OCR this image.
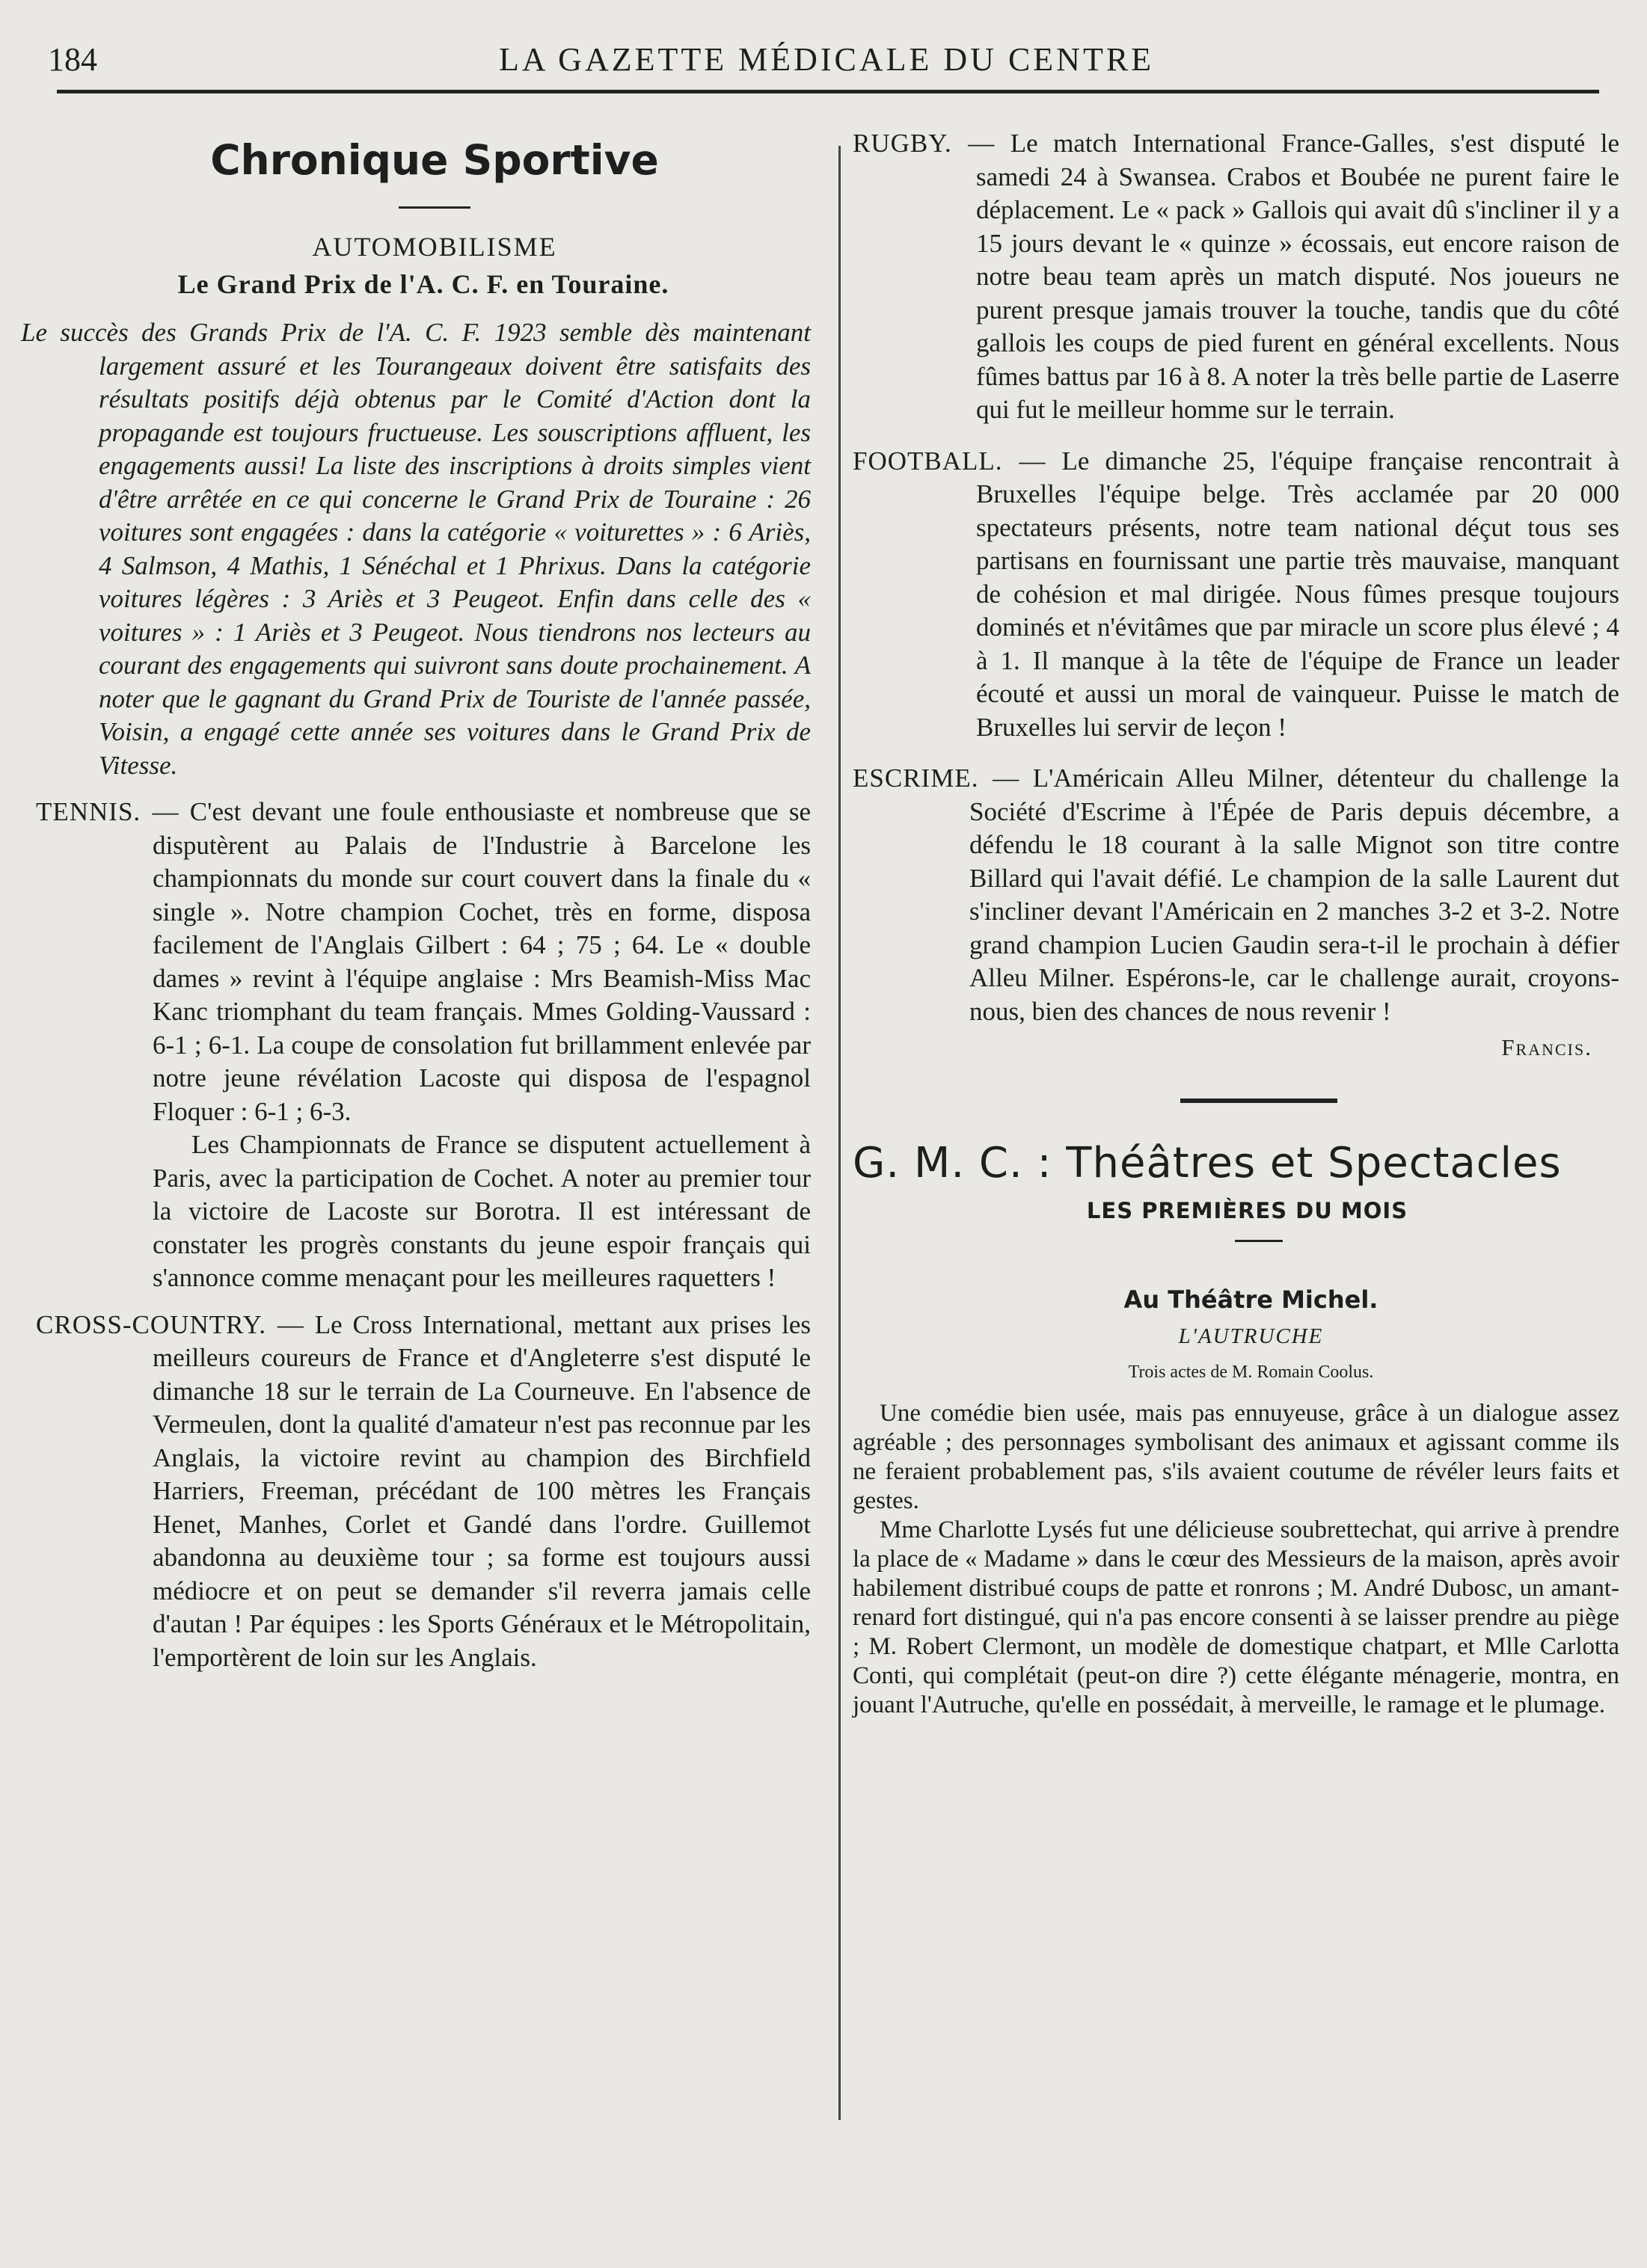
184	LA GAZETTE MÉDICALE DU CENTRE
Chronique Sportive
AUTOMOBILISME
Le Grand Prix de l'A. C. F. en Touraine.

Le succès des Grands Prix de l'A. C. F. 1923 semble dès maintenant largement assuré et les Tourangeaux doivent être satisfaits des résultats positifs déjà obtenus par le Comité d'Action dont la propagande est toujours fructueuse. Les souscriptions affluent, les engagements aussi! La liste des inscriptions à droits simples vient d'être arrêtée en ce qui concerne le Grand Prix de Touraine : 26 voitures sont engagées : dans la catégorie « voiturettes » : 6 Ariès, 4 Salmson, 4 Mathis, 1 Sénéchal et 1 Phrixus. Dans la catégorie voitures légères : 3 Ariès et 3 Peugeot. Enfin dans celle des « voitures » : 1 Ariès et 3 Peugeot. Nous tiendrons nos lecteurs au courant des engagements qui suivront sans doute prochainement. A noter que le gagnant du Grand Prix de Touriste de l'année passée, Voisin, a engagé cette année ses voitures dans le Grand Prix de Vitesse.

TENNIS. — C'est devant une foule enthousiaste et nombreuse que se disputèrent au Palais de l'Industrie à Barcelone les championnats du monde sur court couvert dans la finale du « single ». Notre champion Cochet, très en forme, disposa facilement de l'Anglais Gilbert : 64 ; 75 ; 64. Le « double dames » revint à l'équipe anglaise : Mrs Beamish-Miss Mac Kanc triomphant du team français. Mmes Golding-Vaussard : 6-1 ; 6-1. La coupe de consolation fut brillamment enlevée par notre jeune révélation Lacoste qui disposa de l'espagnol Floquer : 6-1 ; 6-3.

Les Championnats de France se disputent actuellement à Paris, avec la participation de Cochet. A noter au premier tour la victoire de Lacoste sur Borotra. Il est intéressant de constater les progrès constants du jeune espoir français qui s'annonce comme menaçant pour les meilleures raquetters !

CROSS-COUNTRY. — Le Cross International, mettant aux prises les meilleurs coureurs de France et d'Angleterre s'est disputé le dimanche 18 sur le terrain de La Courneuve. En l'absence de Vermeulen, dont la qualité d'amateur n'est pas reconnue par les Anglais, la victoire revint au champion des Birchfield Harriers, Freeman, précédant de 100 mètres les Français Henet, Manhes, Corlet et Gandé dans l'ordre. Guillemot abandonna au deuxième tour ; sa forme est toujours aussi médiocre et on peut se demander s'il reverra jamais celle d'autan ! Par équipes : les Sports Généraux et le Métropolitain, l'emportèrent de loin sur les Anglais.

RUGBY. — Le match International France-Galles, s'est disputé le samedi 24 à Swansea. Crabos et Boubée ne purent faire le déplacement. Le « pack » Gallois qui avait dû s'incliner il y a 15 jours devant le « quinze » écossais, eut encore raison de notre beau team après un match disputé. Nos joueurs ne purent presque jamais trouver la touche, tandis que du côté gallois les coups de pied furent en général excellents. Nous fûmes battus par 16 à 8. A noter la très belle partie de Laserre qui fut le meilleur homme sur le terrain.

FOOTBALL. — Le dimanche 25, l'équipe française rencontrait à Bruxelles l'équipe belge. Très acclamée par 20 000 spectateurs présents, notre team national déçut tous ses partisans en fournissant une partie très mauvaise, manquant de cohésion et mal dirigée. Nous fûmes presque toujours dominés et n'évitâmes que par miracle un score plus élevé ; 4 à 1. Il manque à la tête de l'équipe de France un leader écouté et aussi un moral de vainqueur. Puisse le match de Bruxelles lui servir de leçon !

ESCRIME. — L'Américain Alleu Milner, détenteur du challenge la Société d'Escrime à l'Épée de Paris depuis décembre, a défendu le 18 courant à la salle Mignot son titre contre Billard qui l'avait défié. Le champion de la salle Laurent dut s'incliner devant l'Américain en 2 manches 3-2 et 3-2. Notre grand champion Lucien Gaudin sera-t-il le prochain à défier Alleu Milner. Espérons-le, car le challenge aurait, croyons-nous, bien des chances de nous revenir !

Francis.
G. M. C. : Théâtres et Spectacles
LES PREMIÈRES DU MOIS
Au Théâtre Michel.
L'AUTRUCHE
Trois actes de M. Romain Coolus.

Une comédie bien usée, mais pas ennuyeuse, grâce à un dialogue assez agréable ; des personnages symbolisant des animaux et agissant comme ils ne feraient probablement pas, s'ils avaient coutume de révéler leurs faits et gestes.

Mme Charlotte Lysés fut une délicieuse soubrettechat, qui arrive à prendre la place de « Madame » dans le cœur des Messieurs de la maison, après avoir habilement distribué coups de patte et ronrons ; M. André Dubosc, un amant-renard fort distingué, qui n'a pas encore consenti à se laisser prendre au piège ; M. Robert Clermont, un modèle de domestique chatpart, et Mlle Carlotta Conti, qui complétait (peut-on dire ?) cette élégante ménagerie, montra, en jouant l'Autruche, qu'elle en possédait, à merveille, le ramage et le plumage.
